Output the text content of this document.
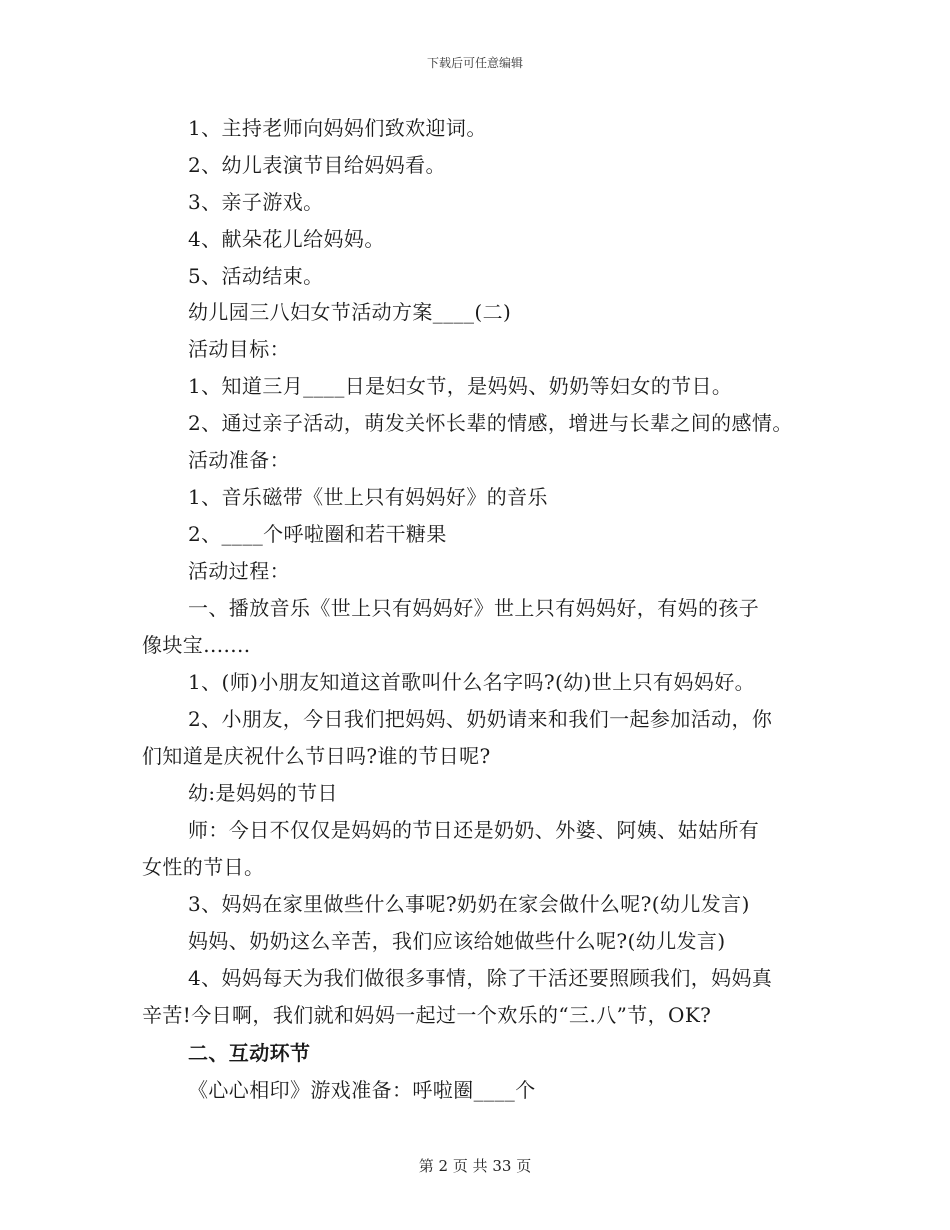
下载后可任意编辑
1、主持老师向妈妈们致欢迎词。
2、幼儿表演节目给妈妈看。
3、亲子游戏。
4、献朵花儿给妈妈。
5、活动结束。
幼儿园三八妇女节活动方案____(二)
活动目标：
1、知道三月____日是妇女节，是妈妈、奶奶等妇女的节日。
2、通过亲子活动，萌发关怀长辈的情感，增进与长辈之间的感情。
活动准备：
1、音乐磁带《世上只有妈妈好》的音乐
2、____个呼啦圈和若干糖果
活动过程：
一、播放音乐《世上只有妈妈好》世上只有妈妈好，有妈的孩子
像块宝.......
1、(师)小朋友知道这首歌叫什么名字吗?(幼)世上只有妈妈好。
2、小朋友，今日我们把妈妈、奶奶请来和我们一起参加活动，你
们知道是庆祝什么节日吗?谁的节日呢?
幼:是妈妈的节日
师：今日不仅仅是妈妈的节日还是奶奶、外婆、阿姨、姑姑所有
女性的节日。
3、妈妈在家里做些什么事呢?奶奶在家会做什么呢?(幼儿发言)
妈妈、奶奶这么辛苦，我们应该给她做些什么呢?(幼儿发言)
4、妈妈每天为我们做很多事情，除了干活还要照顾我们，妈妈真
辛苦!今日啊，我们就和妈妈一起过一个欢乐的“三.八”节，OK?
二、互动环节
《心心相印》游戏准备：呼啦圈____个
第 2 页 共 33 页
